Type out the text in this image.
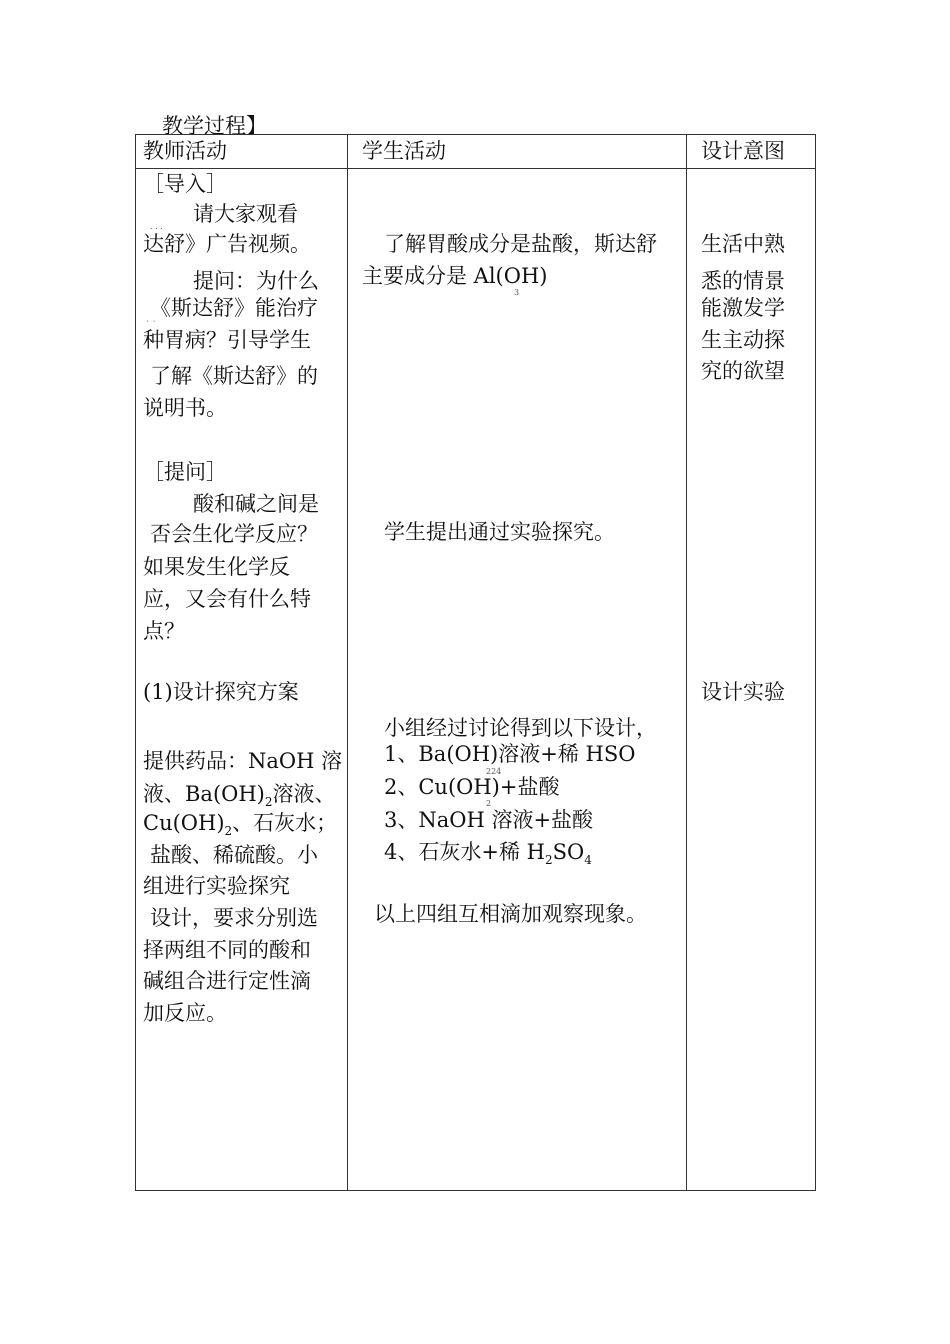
教学过程】
教师活动	学生活动	设计意图
［导入］
. . .
请大家观看
达舒》广告视频。
提问：为什么
《斯达舒》能治疗
` `
种胃病？引导学生
了解《斯达舒》的
说明书。
［提问］
酸和碱之间是
否会生化学反应？
如果发生化学反
应，又会有什么特
点？
(1)设计探究方案
提供药品：NaOH 溶
液、$Ba(OH)_2$溶液、
$Cu(OH)_2$、石灰水；
盐酸、稀硫酸。小
组进行实验探究
设计，要求分别选
择两组不同的酸和
碱组合进行定性滴
加反应。
了解胃酸成分是盐酸，斯达舒
主要成分是 Al(OH)
3
学生提出通过实验探究。
小组经过讨论得到以下设计，
1、Ba(OH)溶液+稀 HSO
224
2、Cu(OH)+盐酸
2
3、NaOH 溶液+盐酸
4、石灰水+稀 $H_2SO_4$
以上四组互相滴加观察现象。
生活中熟
悉的情景
能激发学
生主动探
究的欲望
设计实验
